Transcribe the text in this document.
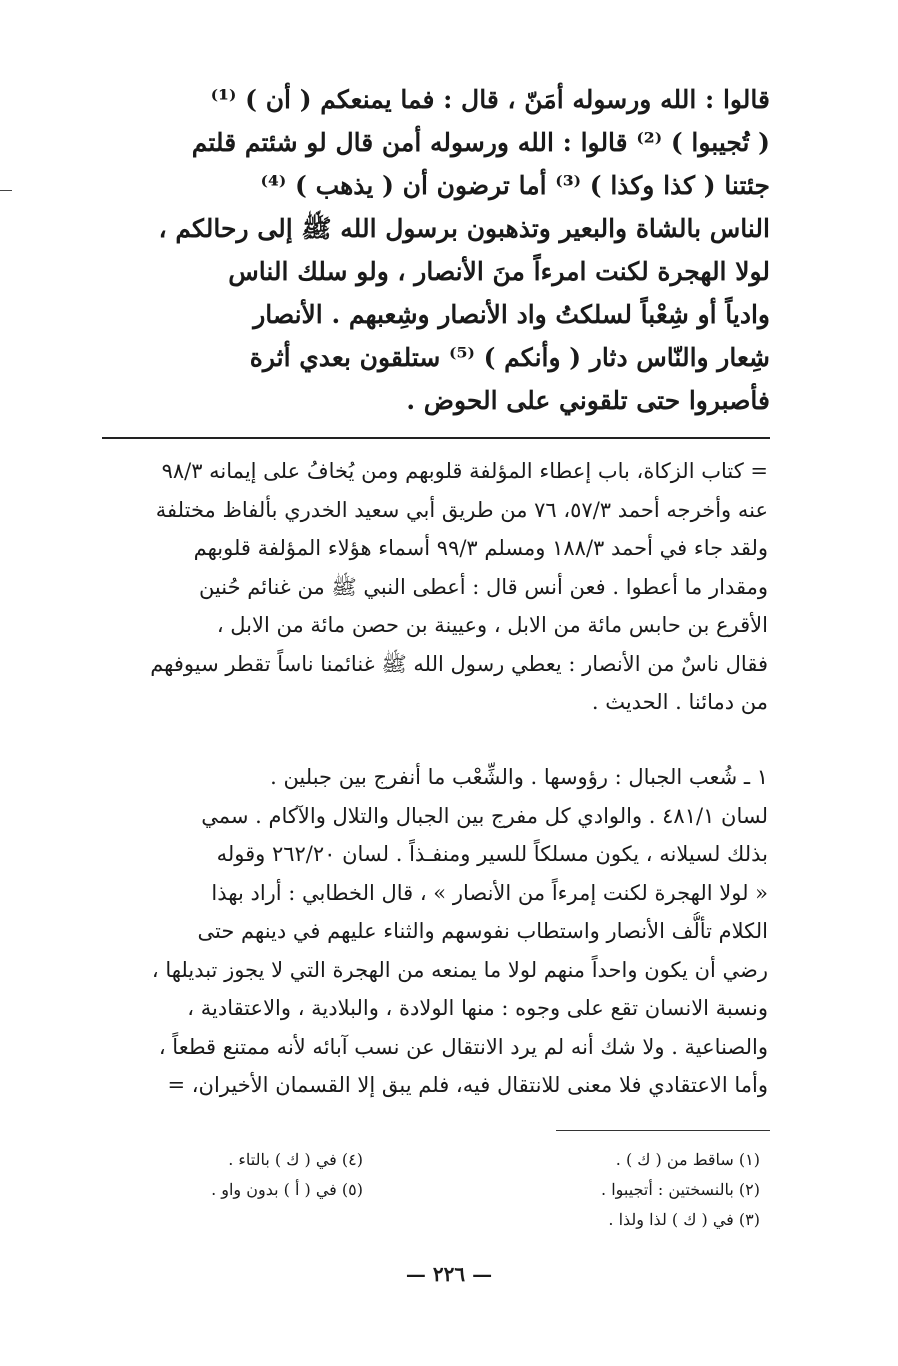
قالوا : الله ورسوله أمَنّ ، قال : فما يمنعكم ( أن ) ⁽¹⁾
( تُجيبوا ) ⁽²⁾ قالوا : الله ورسوله أمن قال لو شئتم قلتم
جئتنا ( كذا وكذا ) ⁽³⁾ أما ترضون أن ( يذهب ) ⁽⁴⁾
الناس بالشاة والبعير وتذهبون برسول الله ﷺ إلى رحالكم ،
لولا الهجرة لكنت امرءاً منَ الأنصار ، ولو سلك الناس
وادياً أو شِعْباً لسلكتُ واد الأنصار وشِعبهم . الأنصار
شِعار والنّاس دثار ( وأنكم ) ⁽⁵⁾ ستلقون بعدي أثرة
فأصبروا حتى تلقوني على الحوض .
= كتاب الزكاة، باب إعطاء المؤلفة قلوبهم ومن يُخافُ على إيمانه ٩٨/٣
عنه وأخرجه أحمد ٥٧/٣، ٧٦ من طريق أبي سعيد الخدري بألفاظ مختلفة
ولقد جاء في أحمد ١٨٨/٣ ومسلم ٩٩/٣ أسماء هؤلاء المؤلفة قلوبهم
ومقدار ما أعطوا . فعن أنس قال : أعطى النبي ﷺ من غنائم حُنين
الأقرع بن حابس مائة من الابل ، وعيينة بن حصن مائة من الابل ،
فقال ناسٌ من الأنصار : يعطي رسول الله ﷺ غنائمنا ناساً تقطر سيوفهم
من دمائنا . الحديث .
١ ـ شُعب الجبال : رؤوسها . والشِّعْب ما أنفرج بين جبلين .
لسان ٤٨١/١ . والوادي كل مفرج بين الجبال والتلال والآكام . سمي
بذلك لسيلانه ، يكون مسلكاً للسير ومنفـذاً . لسان ٢٦٢/٢٠ وقوله
« لولا الهجرة لكنت إمرءاً من الأنصار » ، قال الخطابي : أراد بهذا
الكلام تألُّف الأنصار واستطاب نفوسهم والثناء عليهم في دينهم حتى
رضي أن يكون واحداً منهم لولا ما يمنعه من الهجرة التي لا يجوز تبديلها ،
ونسبة الانسان تقع على وجوه : منها الولادة ، والبلادية ، والاعتقادية ،
والصناعية . ولا شك أنه لم يرد الانتقال عن نسب آبائه لأنه ممتنع قطعاً ،
وأما الاعتقادي فلا معنى للانتقال فيه، فلم يبق إلا القسمان الأخيران، =
(١) ساقط من ( ك ) .
(٢) بالنسختين : أتجيبوا .
(٣) في ( ك ) لذا ولذا .
(٤) في ( ك ) بالتاء .
(٥) في ( أ ) بدون واو .
— ٢٢٦ —
